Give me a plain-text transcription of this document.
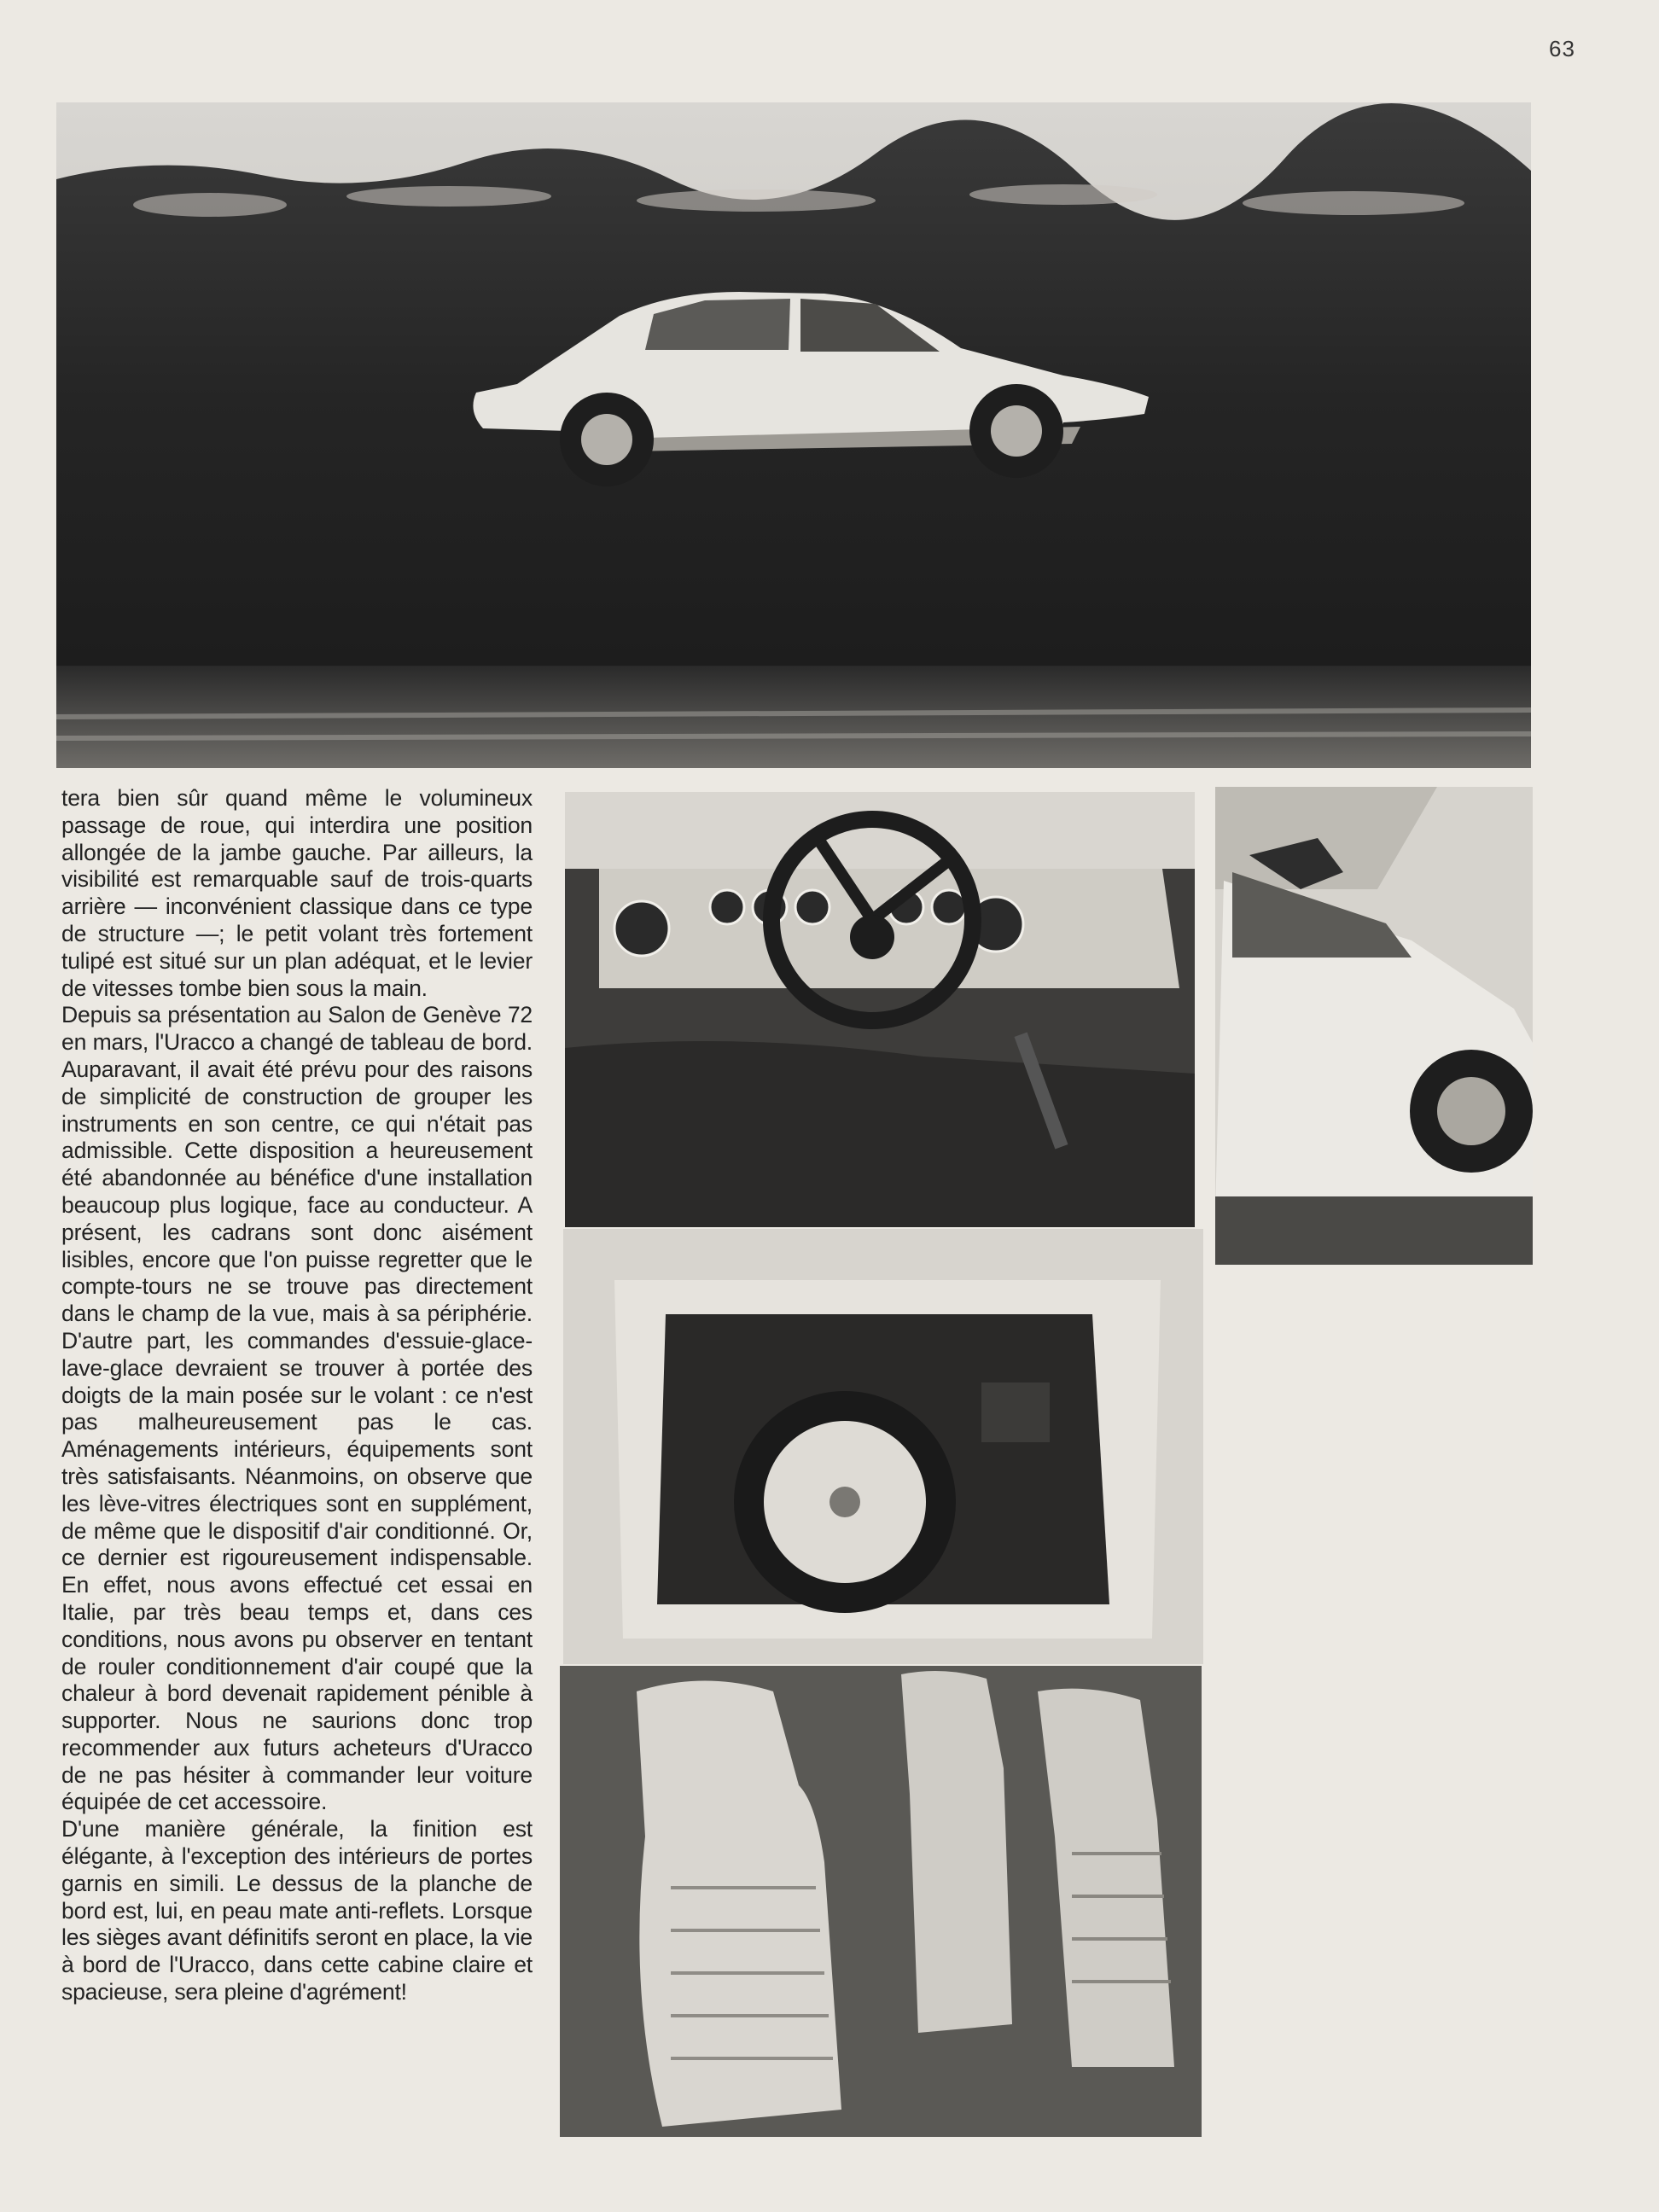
63

tera bien sûr quand même le volumineux passage de roue, qui interdira une position allongée de la jambe gauche. Par ailleurs, la visibilité est remarquable sauf de trois-quarts arrière — inconvénient classique dans ce type de structure —; le petit volant très fortement tulipé est situé sur un plan adéquat, et le levier de vitesses tombe bien sous la main.

Depuis sa présentation au Salon de Genève 72 en mars, l'Uracco a changé de tableau de bord. Auparavant, il avait été prévu pour des raisons de simplicité de construction de grouper les instruments en son centre, ce qui n'était pas admissible. Cette disposition a heureusement été abandonnée au bénéfice d'une installation beaucoup plus logique, face au conducteur. A présent, les cadrans sont donc aisément lisibles, encore que l'on puisse regretter que le compte-tours ne se trouve pas directement dans le champ de la vue, mais à sa périphérie. D'autre part, les commandes d'essuie-glace-lave-glace devraient se trouver à portée des doigts de la main posée sur le volant : ce n'est pas malheureusement pas le cas. Aménagements intérieurs, équipements sont très satisfaisants. Néanmoins, on observe que les lève-vitres électriques sont en supplément, de même que le dispositif d'air conditionné. Or, ce dernier est rigoureusement indispensable. En effet, nous avons effectué cet essai en Italie, par très beau temps et, dans ces conditions, nous avons pu observer en tentant de rouler conditionnement d'air coupé que la chaleur à bord devenait rapidement pénible à supporter. Nous ne saurions donc trop recommender aux futurs acheteurs d'Uracco de ne pas hésiter à commander leur voiture équipée de cet accessoire.

D'une manière générale, la finition est élégante, à l'exception des intérieurs de portes garnis en simili. Le dessus de la planche de bord est, lui, en peau mate anti-reflets. Lorsque les sièges avant définitifs seront en place, la vie à bord de l'Uracco, dans cette cabine claire et spacieuse, sera pleine d'agrément!
